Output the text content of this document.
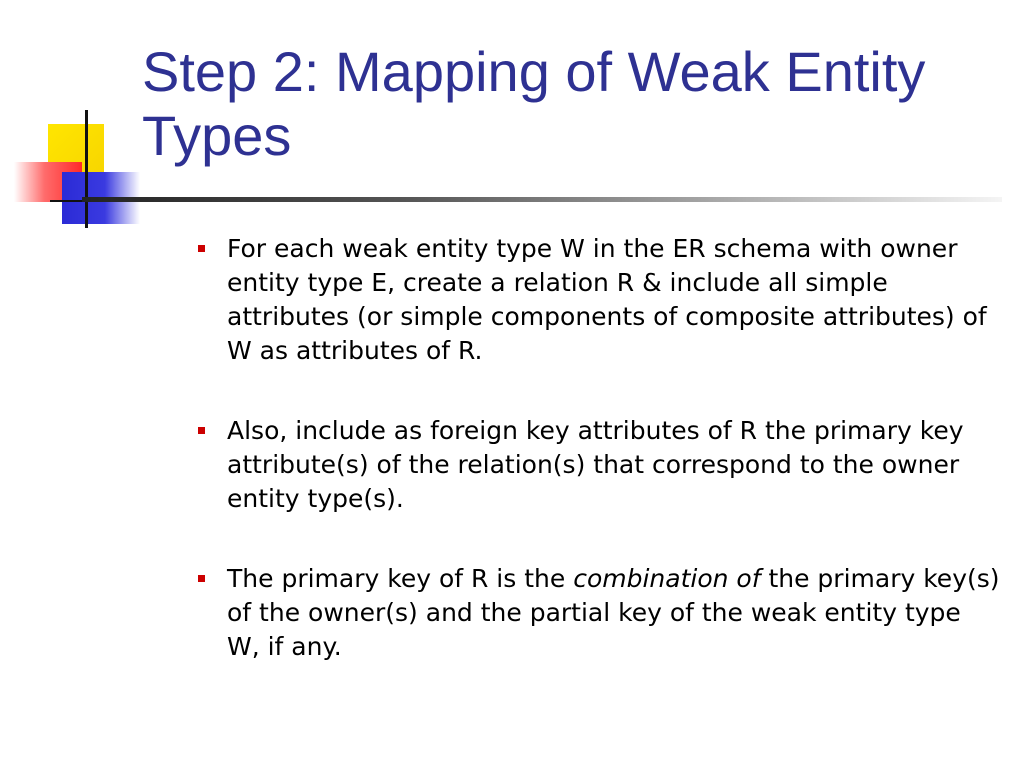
Step 2: Mapping of Weak Entity Types
For each weak entity type W in the ER schema with owner entity type E, create a relation R & include all simple attributes (or simple components of composite attributes) of W as attributes of R.
Also, include as foreign key attributes of R the primary key attribute(s) of the relation(s) that correspond to the owner entity type(s).
The primary key of R is the combination of the primary key(s) of the owner(s) and the partial key of the weak entity type W, if any.
